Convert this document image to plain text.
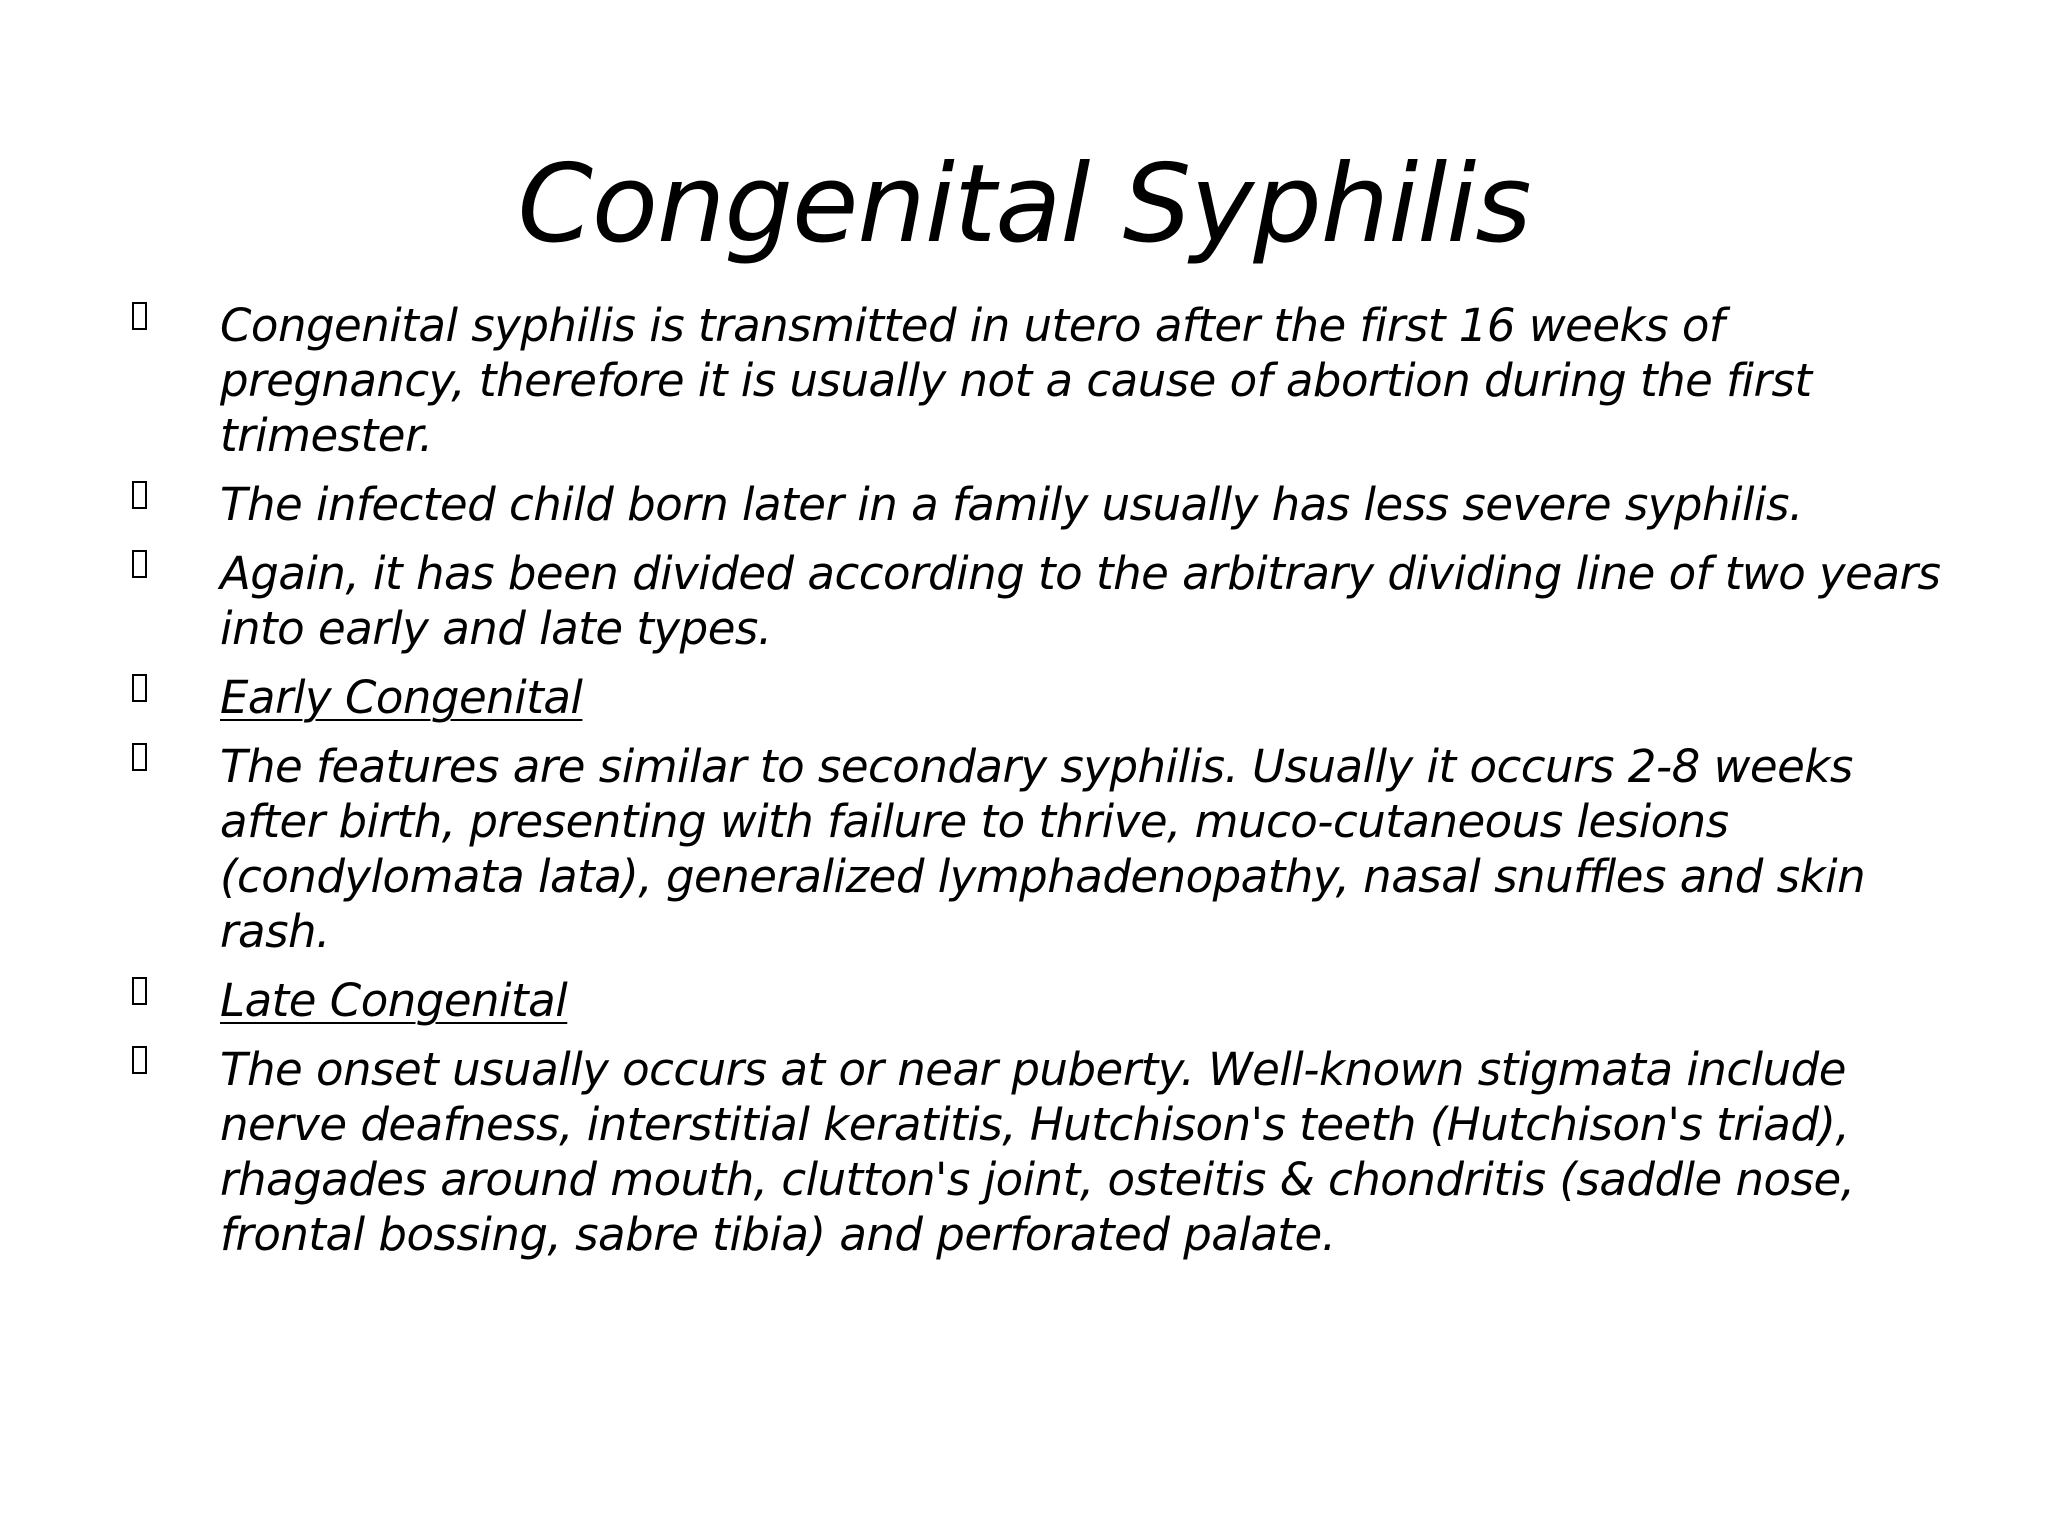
Congenital Syphilis
Congenital syphilis is transmitted in utero after the first 16 weeks of pregnancy, therefore it is usually not a cause of abortion during the first trimester.
The infected child born later in a family usually has less severe syphilis.
Again, it has been divided according to the arbitrary dividing line of two years into early and late types.
Early Congenital
The features are similar to secondary syphilis. Usually it occurs 2-8 weeks after birth, presenting with failure to thrive, muco-cutaneous lesions (condylomata lata), generalized lymphadenopathy, nasal snuffles and skin rash.
Late Congenital
The onset usually occurs at or near puberty. Well-known stigmata include nerve deafness, interstitial keratitis, Hutchison's teeth (Hutchison's triad), rhagades around mouth, clutton's joint, osteitis & chondritis (saddle nose, frontal bossing, sabre tibia) and perforated palate.
